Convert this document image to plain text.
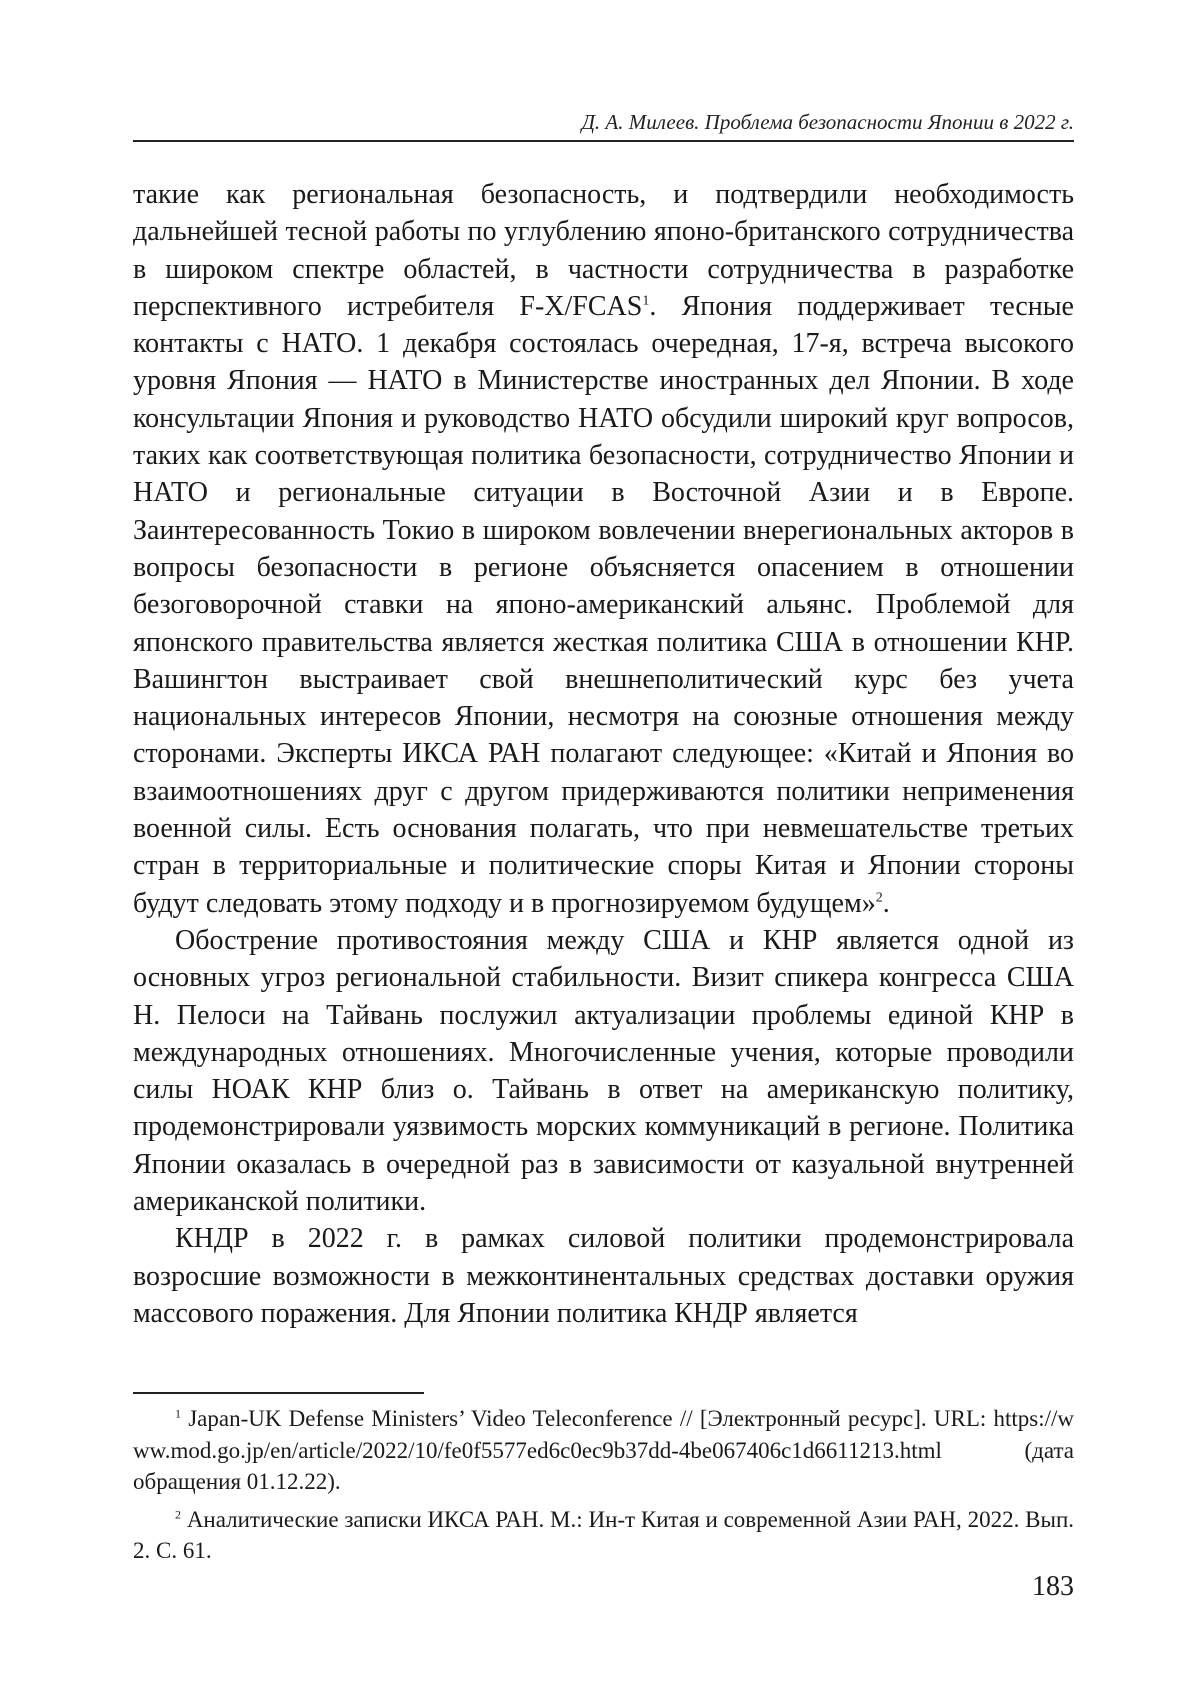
Д. А. Милеев. Проблема безопасности Японии в 2022 г.

такие как региональная безопасность, и подтвердили необходимость дальнейшей тесной работы по углублению японо-британского сотрудничества в широком спектре областей, в частности сотрудничества в разработке перспективного истребителя F-X/FCAS$^1$. Япония поддерживает тесные контакты с НАТО. 1 декабря состоялась очередная, 17-я, встреча высокого уровня Япония — НАТО в Министерстве иностранных дел Японии. В ходе консультации Япония и руководство НАТО обсудили широкий круг вопросов, таких как соответствующая политика безопасности, сотрудничество Японии и НАТО и региональные ситуации в Восточной Азии и в Европе. Заинтересованность Токио в широком вовлечении внерегиональных акторов в вопросы безопасности в регионе объясняется опасением в отношении безоговорочной ставки на японо-американский альянс. Проблемой для японского правительства является жесткая политика США в отношении КНР. Вашингтон выстраивает свой внешнеполитический курс без учета национальных интересов Японии, несмотря на союзные отношения между сторонами. Эксперты ИКСА РАН полагают следующее: «Китай и Япония во взаимоотношениях друг с другом придерживаются политики неприменения военной силы. Есть основания полагать, что при невмешательстве третьих стран в территориальные и политические споры Китая и Японии стороны будут следовать этому подходу и в прогнозируемом будущем»$^2$.

Обострение противостояния между США и КНР является одной из основных угроз региональной стабильности. Визит спикера конгресса США Н. Пелоси на Тайвань послужил актуализации проблемы единой КНР в международных отношениях. Многочисленные учения, которые проводили силы НОАК КНР близ о. Тайвань в ответ на американскую политику, продемонстрировали уязвимость морских коммуникаций в регионе. Политика Японии оказалась в очередной раз в зависимости от казуальной внутренней американской политики.

КНДР в 2022 г. в рамках силовой политики продемонстрировала возросшие возможности в межконтинентальных средствах доставки оружия массового поражения. Для Японии политика КНДР является

$^1$ Japan-UK Defense Ministers’ Video Teleconference // [Электронный ресурс]. URL: https://www.mod.go.jp/en/article/2022/10/fe0f5577ed6c0ec9b37dd-4be067406c1d6611213.html (дата обращения 01.12.22).

$^2$ Аналитические записки ИКСА РАН. М.: Ин-т Китая и современной Азии РАН, 2022. Вып. 2. С. 61.

183
